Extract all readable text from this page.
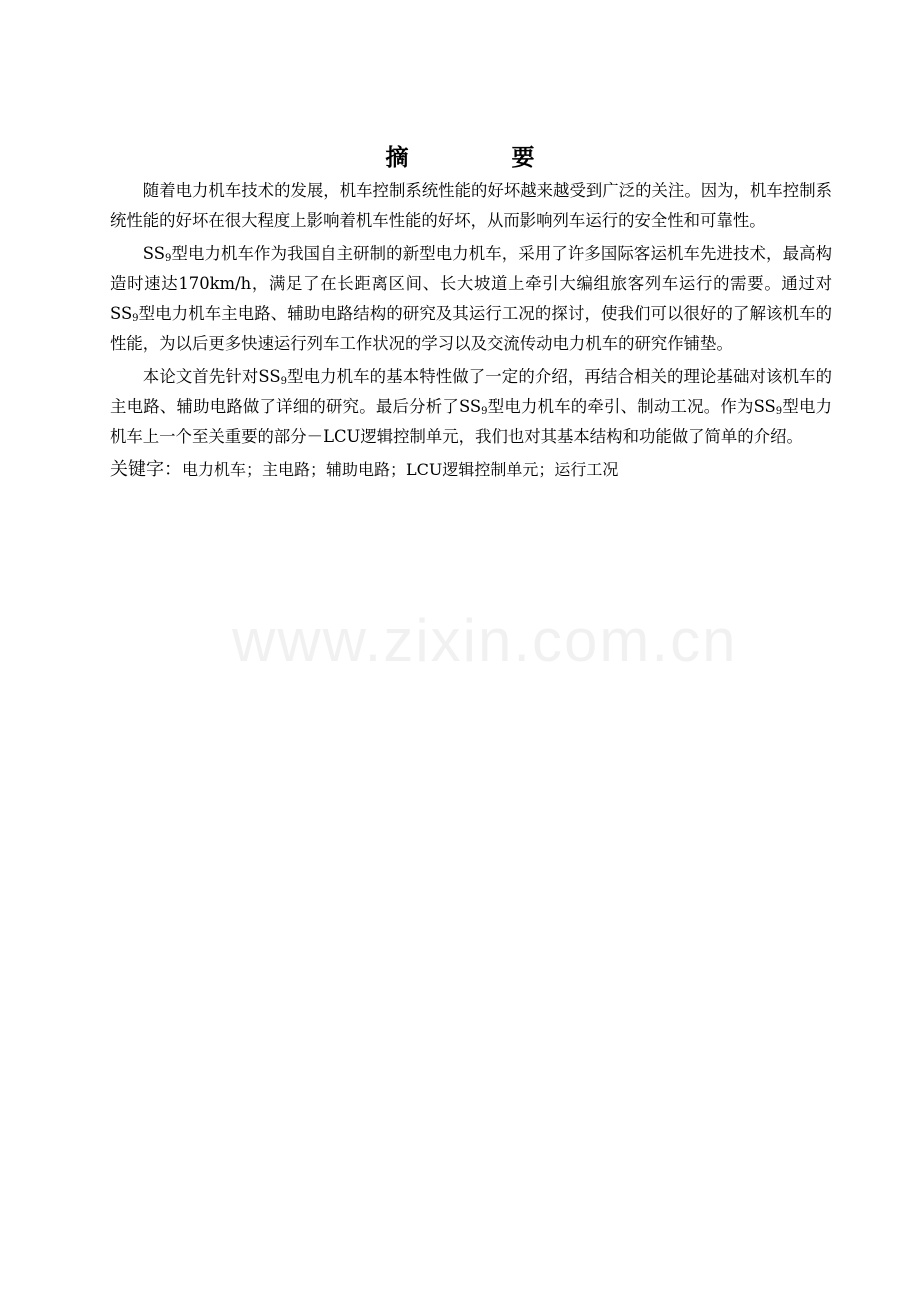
摘　要

随着电力机车技术的发展，机车控制系统性能的好坏越来越受到广泛的关注。因为，机车控制系统性能的好坏在很大程度上影响着机车性能的好坏，从而影响列车运行的安全性和可靠性。

$SS_9$型电力机车作为我国自主研制的新型电力机车，采用了许多国际客运机车先进技术，最高构造时速达170km/h，满足了在长距离区间、长大坡道上牵引大编组旅客列车运行的需要。通过对$SS_9$型电力机车主电路、辅助电路结构的研究及其运行工况的探讨，使我们可以很好的了解该机车的性能，为以后更多快速运行列车工作状况的学习以及交流传动电力机车的研究作铺垫。

本论文首先针对$SS_9$型电力机车的基本特性做了一定的介绍，再结合相关的理论基础对该机车的主电路、辅助电路做了详细的研究。最后分析了$SS_9$型电力机车的牵引、制动工况。作为$SS_9$型电力机车上一个至关重要的部分－LCU逻辑控制单元，我们也对其基本结构和功能做了简单的介绍。

关键字：电力机车；主电路；辅助电路；LCU逻辑控制单元；运行工况
www.zixin.com.cn
